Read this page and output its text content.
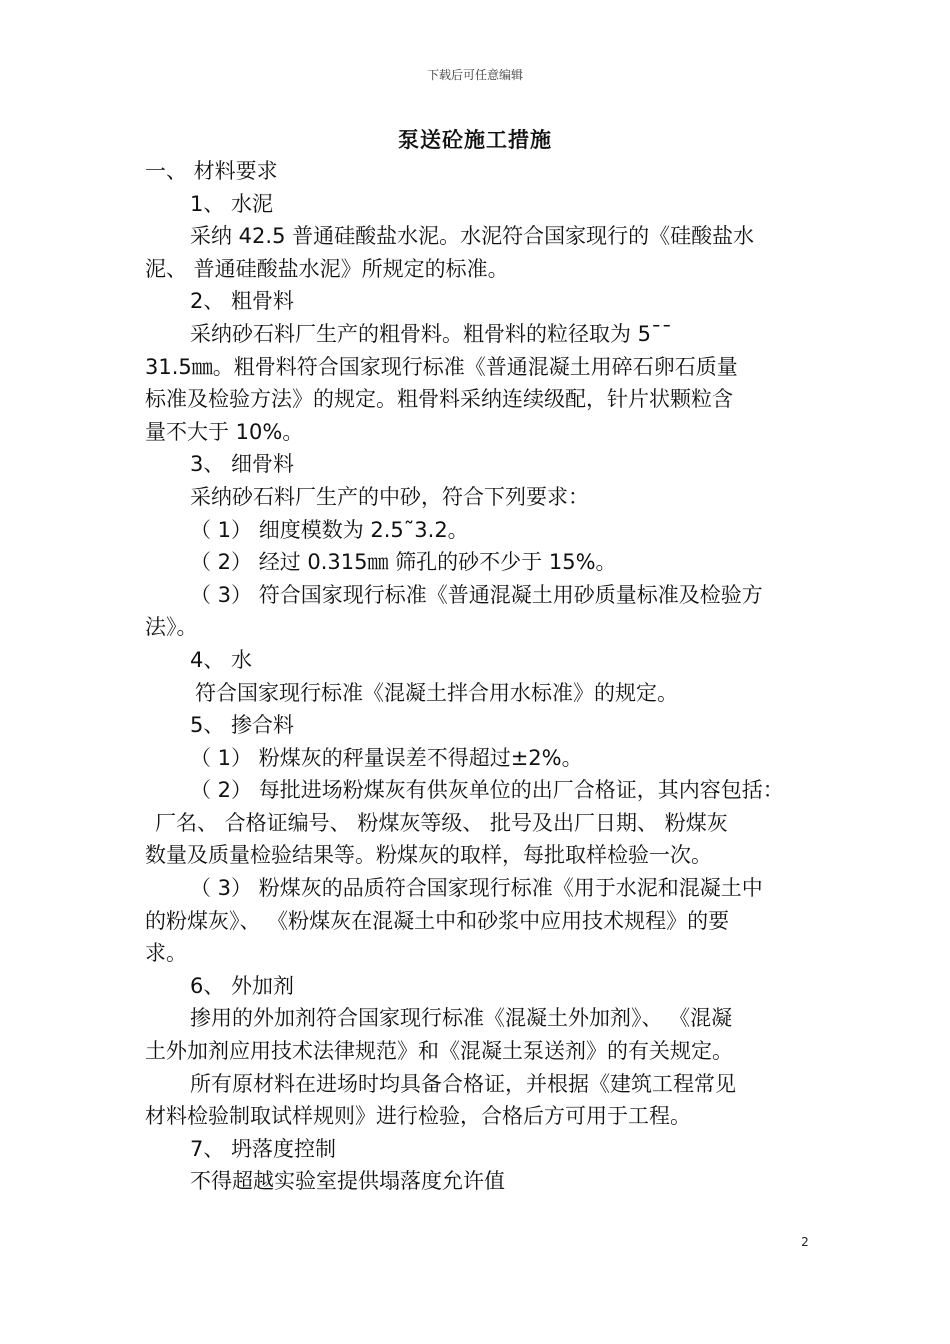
下载后可任意编辑
泵送砼施工措施
一、 材料要求
1、 水泥
采纳 42.5 普通硅酸盐水泥。水泥符合国家现行的《硅酸盐水
泥、 普通硅酸盐水泥》所规定的标准。
2、 粗骨料
采纳砂石料厂生产的粗骨料。粗骨料的粒径取为 5¯¯
31.5㎜。粗骨料符合国家现行标准《普通混凝土用碎石卵石质量
标准及检验方法》的规定。粗骨料采纳连续级配，针片状颗粒含
量不大于 10%。
3、 细骨料
采纳砂石料厂生产的中砂，符合下列要求：
（ 1） 细度模数为 2.5˜3.2。
（ 2） 经过 0.315㎜ 筛孔的砂不少于 15%。
（ 3） 符合国家现行标准《普通混凝土用砂质量标准及检验方
法》。
4、 水
符合国家现行标准《混凝土拌合用水标准》的规定。
5、 掺合料
（ 1） 粉煤灰的秤量误差不得超过±2%。
（ 2） 每批进场粉煤灰有供灰单位的出厂合格证，其内容包括：
厂名、 合格证编号、 粉煤灰等级、 批号及出厂日期、 粉煤灰
数量及质量检验结果等。粉煤灰的取样，每批取样检验一次。
（ 3） 粉煤灰的品质符合国家现行标准《用于水泥和混凝土中
的粉煤灰》、 《粉煤灰在混凝土中和砂浆中应用技术规程》的要
求。
6、 外加剂
掺用的外加剂符合国家现行标准《混凝土外加剂》、 《混凝
土外加剂应用技术法律规范》和《混凝土泵送剂》的有关规定。
所有原材料在进场时均具备合格证，并根据《建筑工程常见
材料检验制取试样规则》进行检验，合格后方可用于工程。
7、 坍落度控制
不得超越实验室提供塌落度允许值
2
